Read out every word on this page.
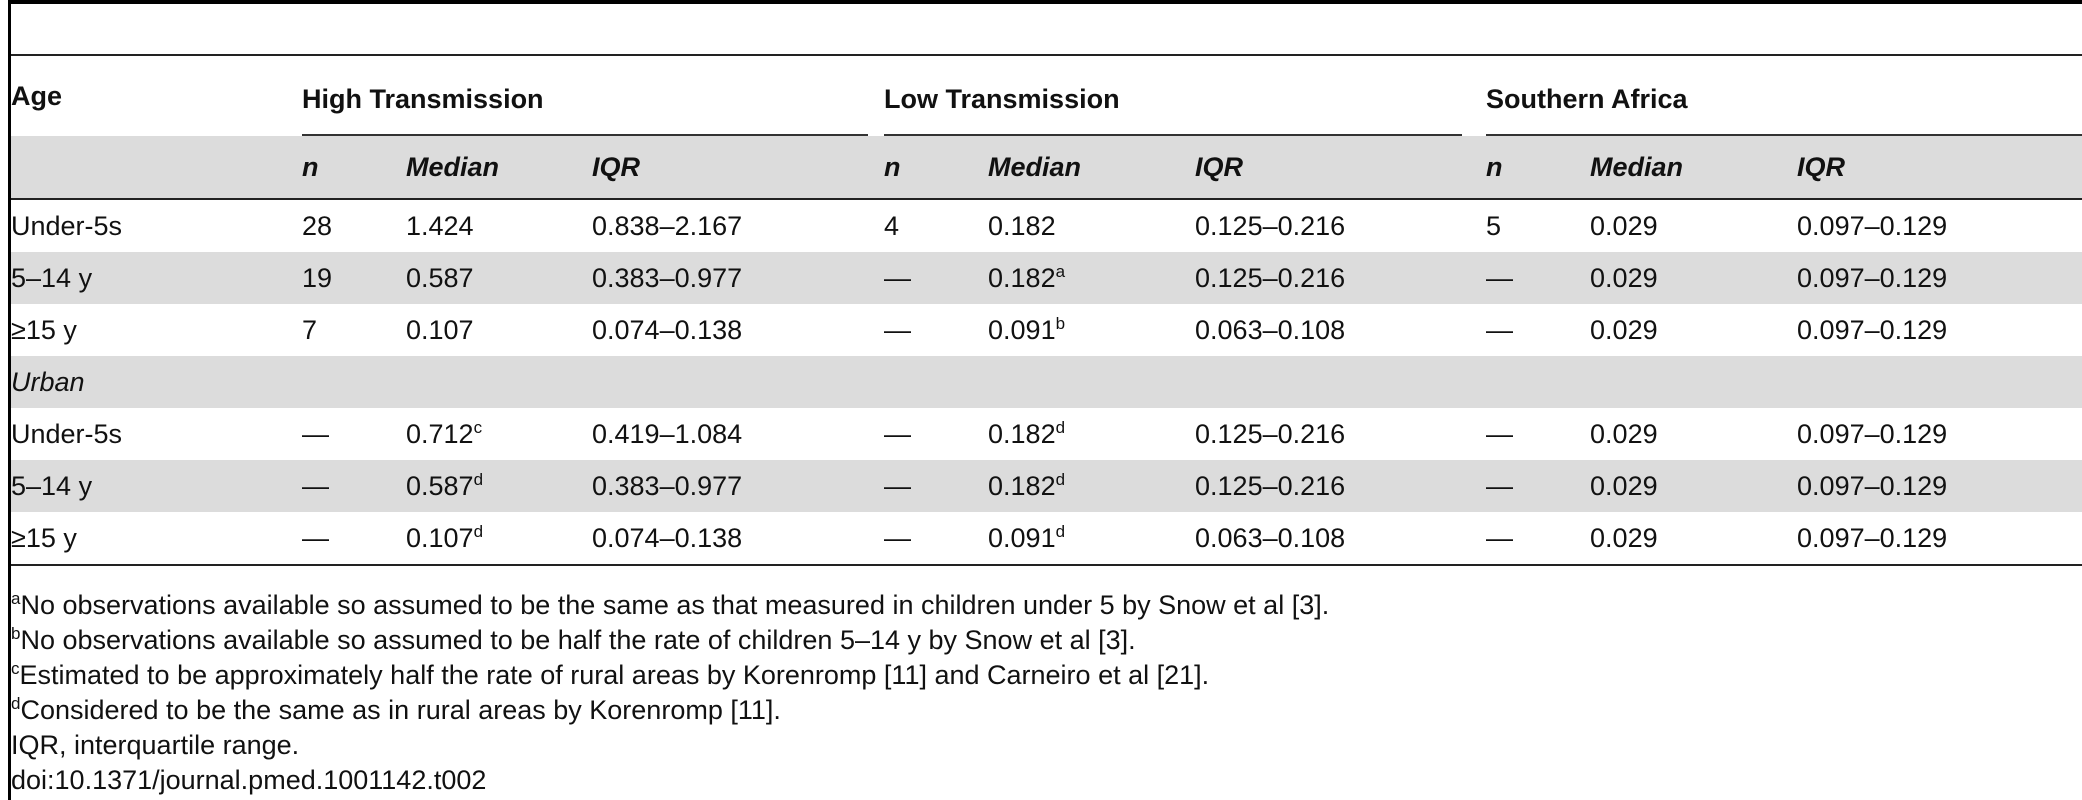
Age	High Transmission			Low Transmission			Southern Africa		

	n	Median	IQR	n	Median	IQR	n	Median	IQR
Under-5s	28	1.424	0.838–2.167	4	0.182	0.125–0.216	5	0.029	0.097–0.129
5–14 y	19	0.587	0.383–0.977	—	0.182$^a$	0.125–0.216	—	0.029	0.097–0.129
≥15 y	7	0.107	0.074–0.138	—	0.091$^b$	0.063–0.108	—	0.029	0.097–0.129
Urban									
Under-5s	—	0.712$^c$	0.419–1.084	—	0.182$^d$	0.125–0.216	—	0.029	0.097–0.129
5–14 y	—	0.587$^d$	0.383–0.977	—	0.182$^d$	0.125–0.216	—	0.029	0.097–0.129
≥15 y	—	0.107$^d$	0.074–0.138	—	0.091$^d$	0.063–0.108	—	0.029	0.097–0.129
$^a$No observations available so assumed to be the same as that measured in children under 5 by Snow et al [3].
$^b$No observations available so assumed to be half the rate of children 5–14 y by Snow et al [3].
$^c$Estimated to be approximately half the rate of rural areas by Korenromp [11] and Carneiro et al [21].
$^d$Considered to be the same as in rural areas by Korenromp [11].
IQR, interquartile range.
doi:10.1371/journal.pmed.1001142.t002
